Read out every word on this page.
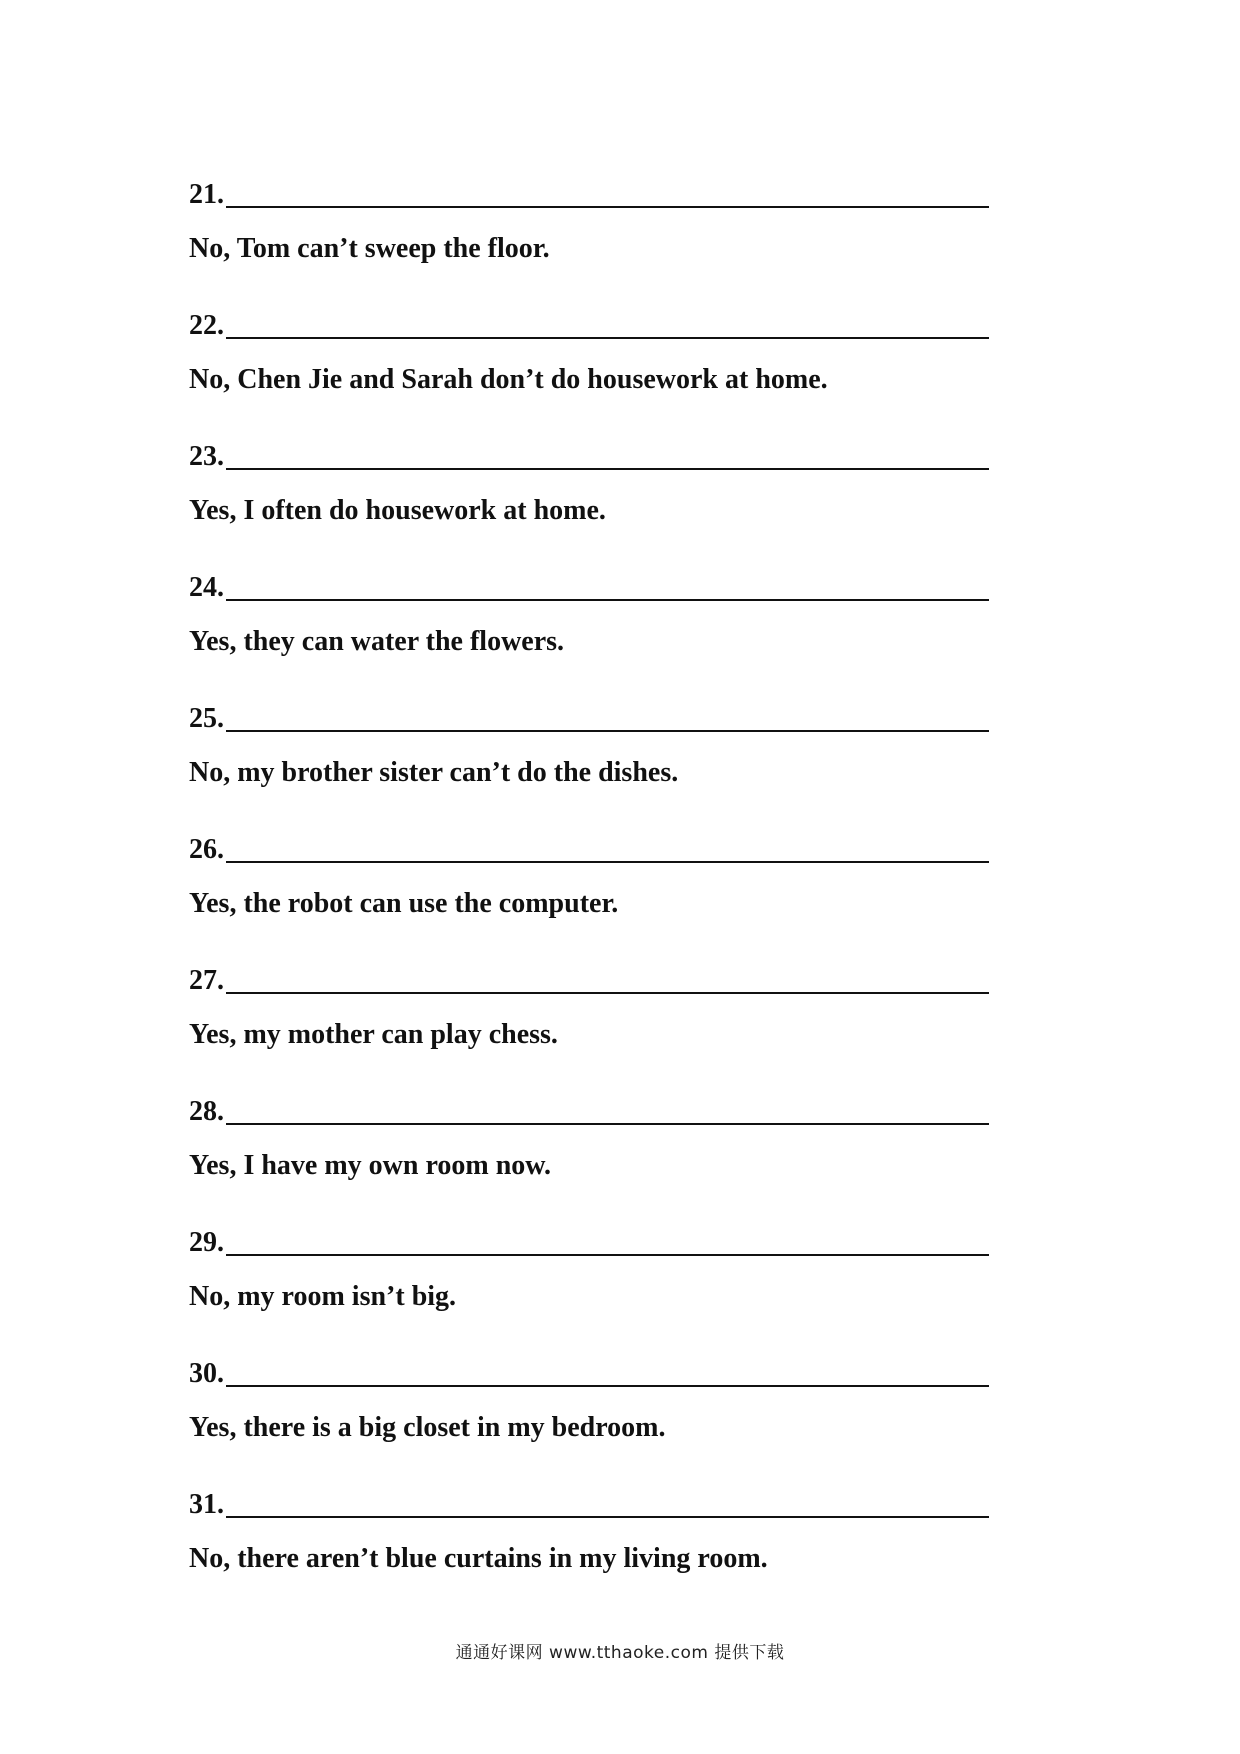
21.
No, Tom can’t sweep the floor.
22.
No, Chen Jie and Sarah don’t do housework at home.
23.
Yes, I often do housework at home.
24.
Yes, they can water the flowers.
25.
No, my brother sister can’t do the dishes.
26.
Yes, the robot can use the computer.
27.
Yes, my mother can play chess.
28.
Yes, I have my own room now.
29.
No, my room isn’t big.
30.
Yes, there is a big closet in my bedroom.
31.
No, there aren’t blue curtains in my living room.
通通好课网 www.tthaoke.com 提供下载
